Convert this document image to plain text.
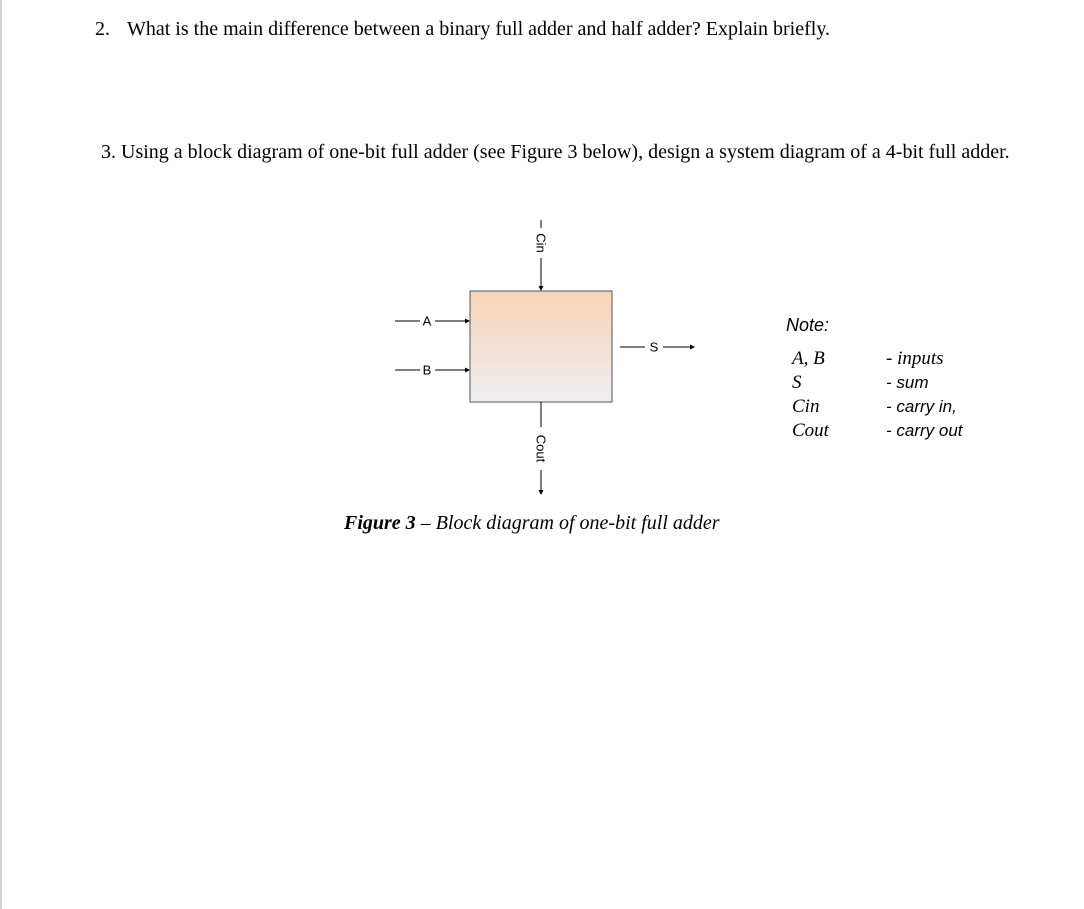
2. What is the main difference between a binary full adder and half adder? Explain briefly.
3. Using a block diagram of one-bit full adder (see Figure 3 below), design a system diagram of a 4-bit full adder.
A
B
S
Cin
Cout
Figure 3 – Block diagram of one-bit full adder
Note:
A, B	- inputs
S	- sum
Cin	- carry in,
Cout	- carry out
